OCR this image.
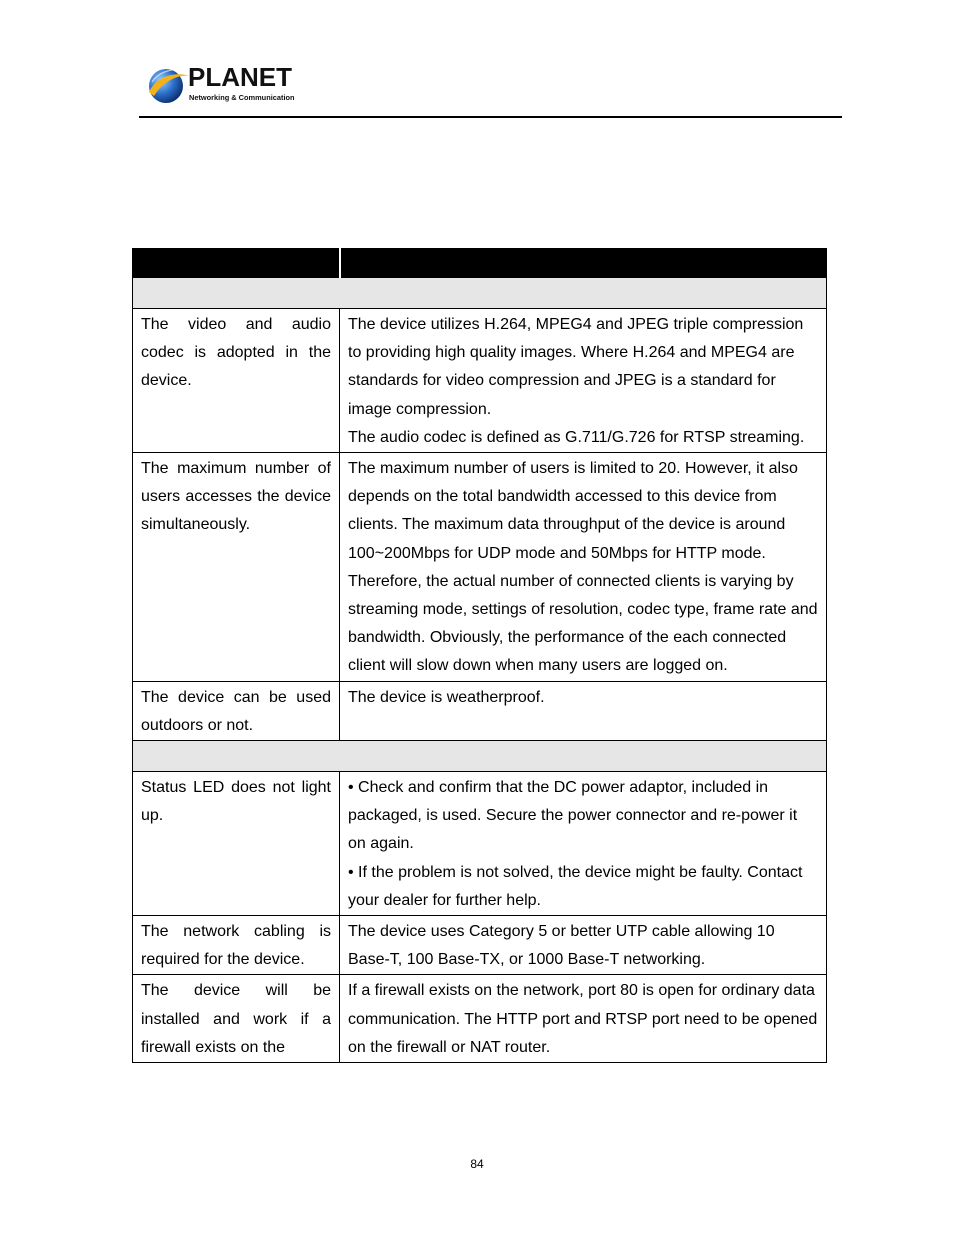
PLANET
Networking & Communication

The video and audio codec is adopted in the device.	The device utilizes H.264, MPEG4 and JPEG triple compression to providing high quality images. Where H.264 and MPEG4 are standards for video compression and JPEG is a standard for image compression.
The audio codec is defined as G.711/G.726 for RTSP streaming.

The maximum number of users accesses the device simultaneously.	The maximum number of users is limited to 20. However, it also depends on the total bandwidth accessed to this device from clients. The maximum data throughput of the device is around 100~200Mbps for UDP mode and 50Mbps for HTTP mode. Therefore, the actual number of connected clients is varying by streaming mode, settings of resolution, codec type, frame rate and bandwidth. Obviously, the performance of the each connected client will slow down when many users are logged on.

The device can be used outdoors or not.	The device is weatherproof.

Status LED does not light up.	• Check and confirm that the DC power adaptor, included in packaged, is used. Secure the power connector and re-power it on again.
• If the problem is not solved, the device might be faulty. Contact your dealer for further help.

The network cabling is required for the device.	The device uses Category 5 or better UTP cable allowing 10 Base-T, 100 Base-TX, or 1000 Base-T networking.

The device will be installed and work if a firewall exists on the	If a firewall exists on the network, port 80 is open for ordinary data communication. The HTTP port and RTSP port need to be opened on the firewall or NAT router.
84
